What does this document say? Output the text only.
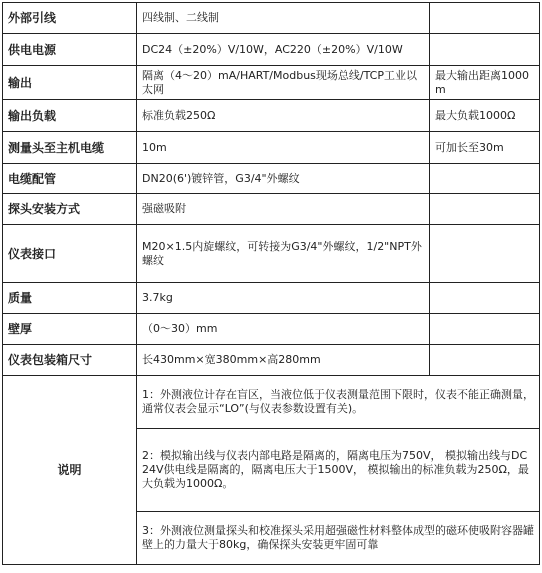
外部引线	四线制、二线制	
供电电源	DC24（±20%）V/10W，AC220（±20%）V/10W	
输出	隔离（4～20）mA/HART/Modbus现场总线/TCP工业以太网	最大输出距离1000m
输出负载	标准负载250Ω	最大负载1000Ω
测量头至主机电缆	10m	可加长至30m
电缆配管	DN20(6')镀锌管，G3/4"外螺纹	
探头安装方式	强磁吸附	
仪表接口	M20×1.5内旋螺纹，可转接为G3/4"外螺纹，1/2"NPT外螺纹	
质量	3.7kg	
壁厚	（0～30）mm	
仪表包装箱尺寸	长430mm×宽380mm×高280mm	
说明	1：外测液位计存在盲区，当液位低于仪表测量范围下限时，仪表不能正确测量，通常仪表会显示“LO”(与仪表参数设置有关)。	
	2：模拟输出线与仪表内部电路是隔离的，隔离电压为750V， 模拟输出线与DC24V供电线是隔离的，隔离电压大于1500V， 模拟输出的标准负载为250Ω，最大负载为1000Ω。	
	3：外测液位测量探头和校准探头采用超强磁性材料整体成型的磁环使吸附容器罐壁上的力量大于80kg，确保探头安装更牢固可靠	
